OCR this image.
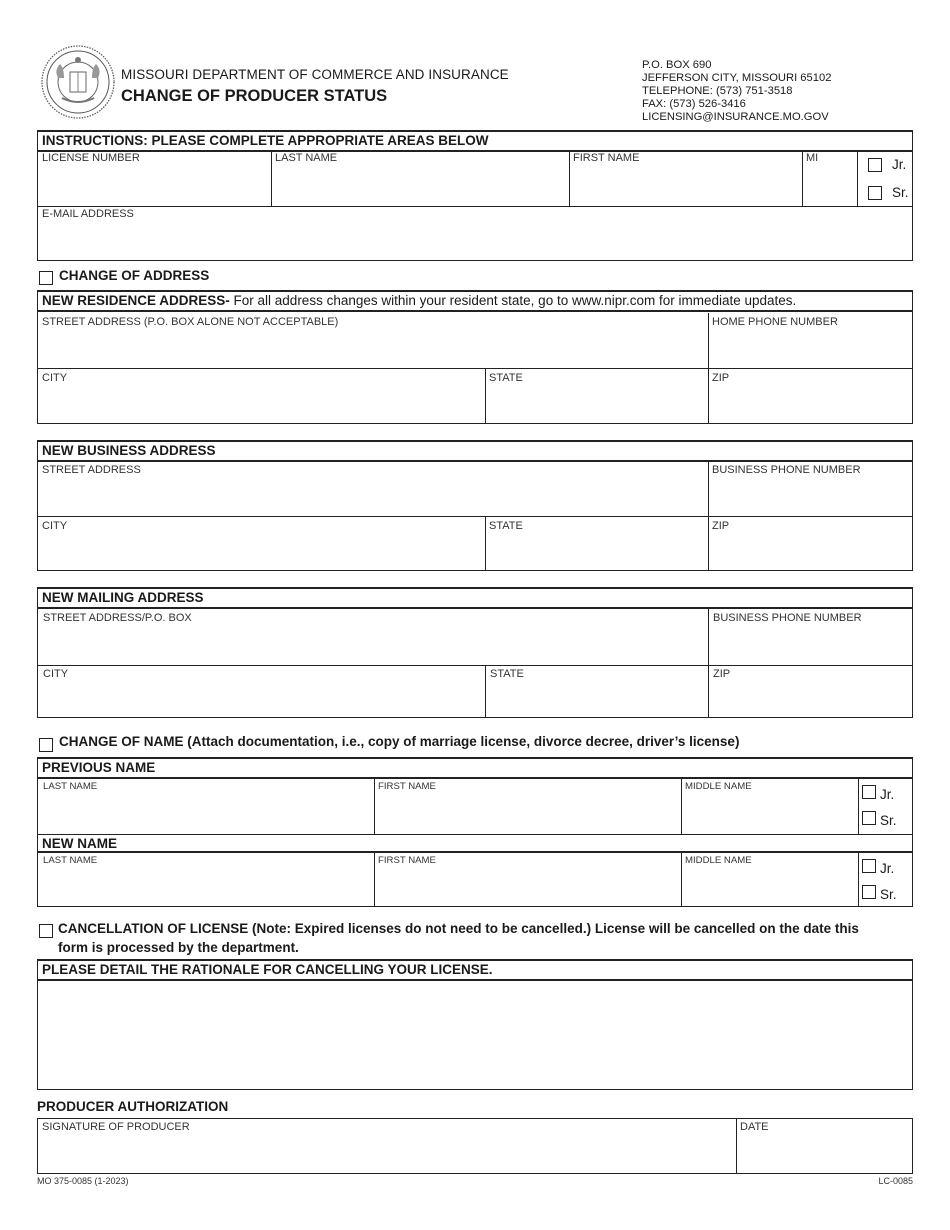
MISSOURI DEPARTMENT OF COMMERCE AND INSURANCE
CHANGE OF PRODUCER STATUS
P.O. BOX 690
JEFFERSON CITY, MISSOURI 65102
TELEPHONE: (573) 751-3518
FAX: (573) 526-3416
LICENSING@INSURANCE.MO.GOV
INSTRUCTIONS: PLEASE COMPLETE APPROPRIATE AREAS BELOW
LICENSE NUMBER	LAST NAME	FIRST NAME	MI	Jr.
Sr.
E-MAIL ADDRESS
CHANGE OF ADDRESS
NEW RESIDENCE ADDRESS- For all address changes within your resident state, go to www.nipr.com for immediate updates.
STREET ADDRESS (P.O. BOX ALONE NOT ACCEPTABLE)	HOME PHONE NUMBER
CITY	STATE	ZIP
NEW BUSINESS ADDRESS
STREET ADDRESS	BUSINESS PHONE NUMBER
CITY	STATE	ZIP
NEW MAILING ADDRESS
STREET ADDRESS/P.O. BOX	BUSINESS PHONE NUMBER
CITY	STATE	ZIP
CHANGE OF NAME (Attach documentation, i.e., copy of marriage license, divorce decree, driver’s license)
PREVIOUS NAME
LAST NAME	FIRST NAME	MIDDLE NAME
Jr.
Sr.
NEW NAME
LAST NAME	FIRST NAME	MIDDLE NAME
Jr.
Sr.
CANCELLATION OF LICENSE (Note: Expired licenses do not need to be cancelled.) License will be cancelled on the date this
form is processed by the department.
PLEASE DETAIL THE RATIONALE FOR CANCELLING YOUR LICENSE.
PRODUCER AUTHORIZATION
SIGNATURE OF PRODUCER	DATE
MO 375-0085 (1-2023)	LC-0085
